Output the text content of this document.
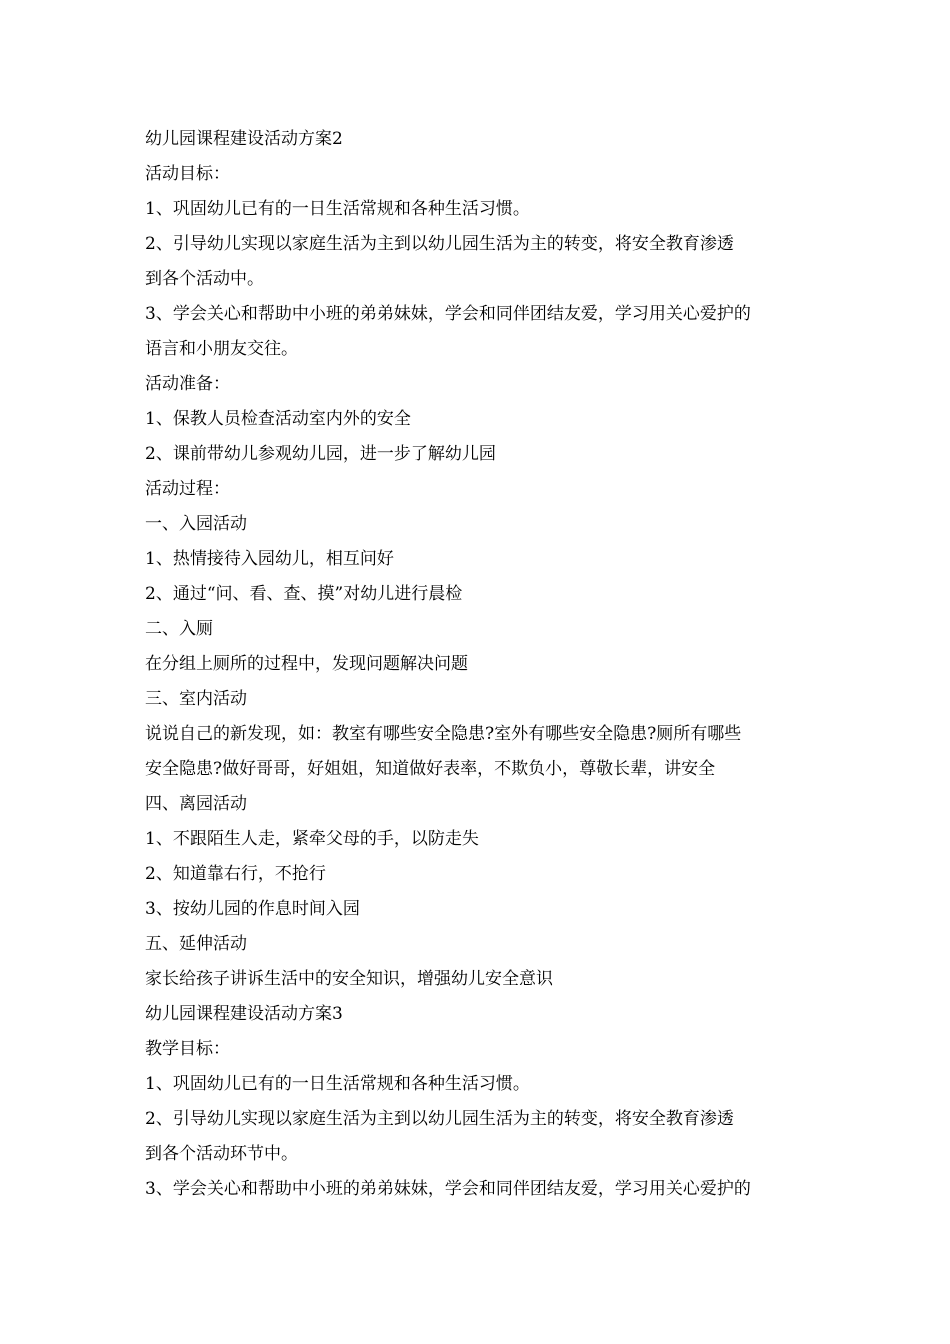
幼儿园课程建设活动方案2
活动目标：
1、巩固幼儿已有的一日生活常规和各种生活习惯。
2、引导幼儿实现以家庭生活为主到以幼儿园生活为主的转变，将安全教育渗透
到各个活动中。
3、学会关心和帮助中小班的弟弟妹妹，学会和同伴团结友爱，学习用关心爱护的
语言和小朋友交往。
活动准备：
1、保教人员检查活动室内外的安全
2、课前带幼儿参观幼儿园，进一步了解幼儿园
活动过程：
一、入园活动
1、热情接待入园幼儿，相互问好
2、通过“问、看、查、摸”对幼儿进行晨检
二、入厕
在分组上厕所的过程中，发现问题解决问题
三、室内活动
说说自己的新发现，如：教室有哪些安全隐患?室外有哪些安全隐患?厕所有哪些
安全隐患?做好哥哥，好姐姐，知道做好表率，不欺负小，尊敬长辈，讲安全
四、离园活动
1、不跟陌生人走，紧牵父母的手，以防走失
2、知道靠右行，不抢行
3、按幼儿园的作息时间入园
五、延伸活动
家长给孩子讲诉生活中的安全知识，增强幼儿安全意识
幼儿园课程建设活动方案3
教学目标：
1、巩固幼儿已有的一日生活常规和各种生活习惯。
2、引导幼儿实现以家庭生活为主到以幼儿园生活为主的转变，将安全教育渗透
到各个活动环节中。
3、学会关心和帮助中小班的弟弟妹妹，学会和同伴团结友爱，学习用关心爱护的
